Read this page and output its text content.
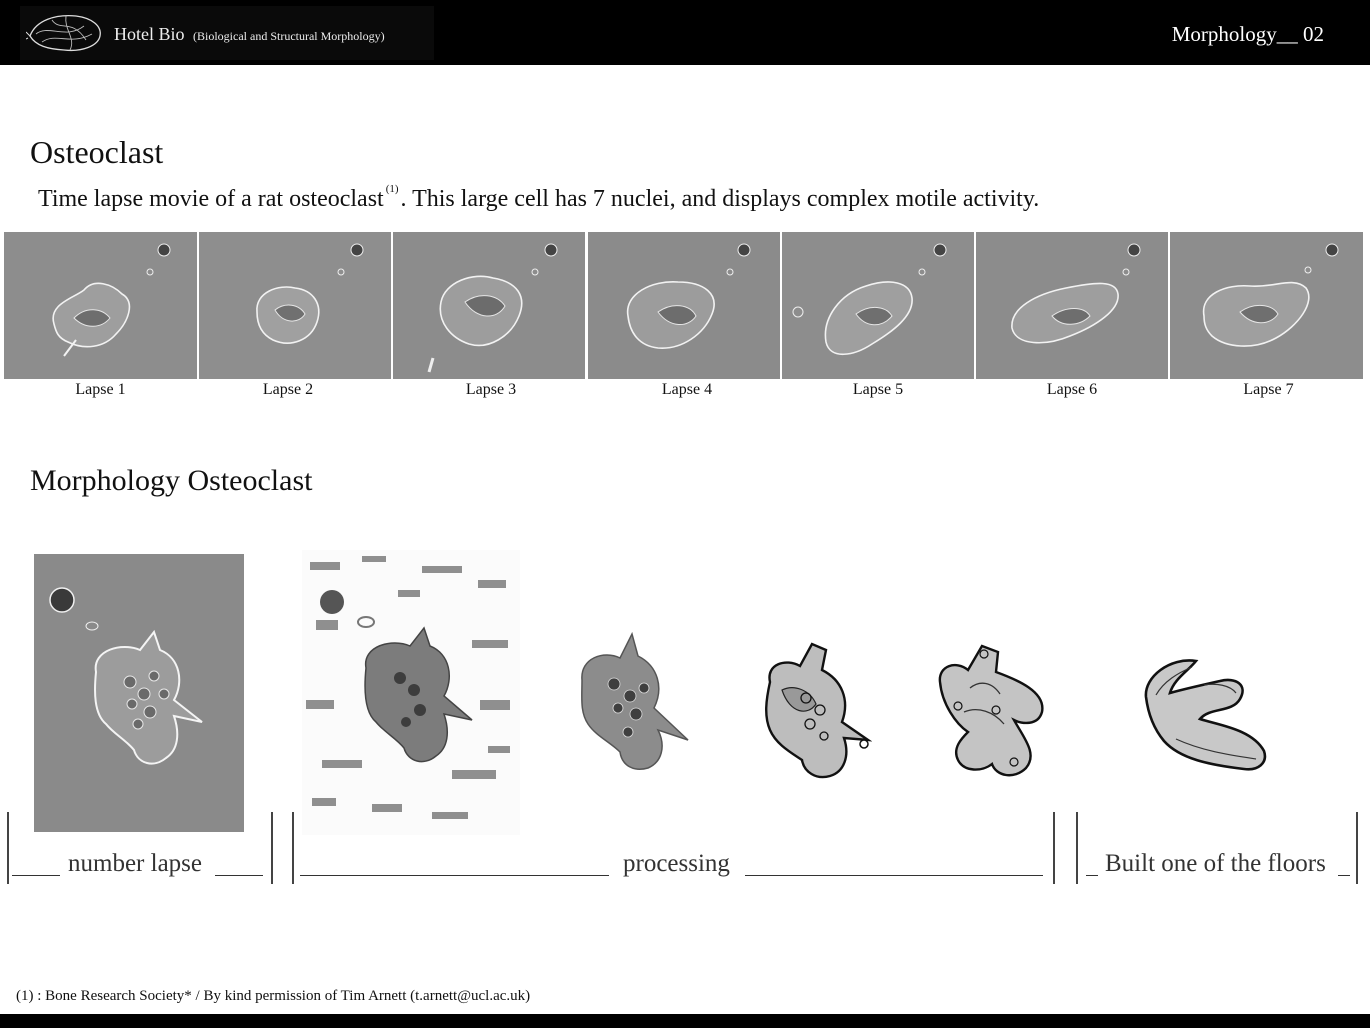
Hotel Bio (Biological and Structural Morphology)	Morphology__ 02
Osteoclast

Time lapse movie of a rat osteoclast $^{(1)}$. This large cell has 7 nuclei, and displays complex motile activity.

Lapse 1	Lapse 2	Lapse 3	Lapse 4	Lapse 5	Lapse 6	Lapse 7
Morphology Osteoclast
number lapse	processing	Built one of the floors
(1) : Bone Research Society* / By kind permission of Tim Arnett (t.arnett@ucl.ac.uk)
